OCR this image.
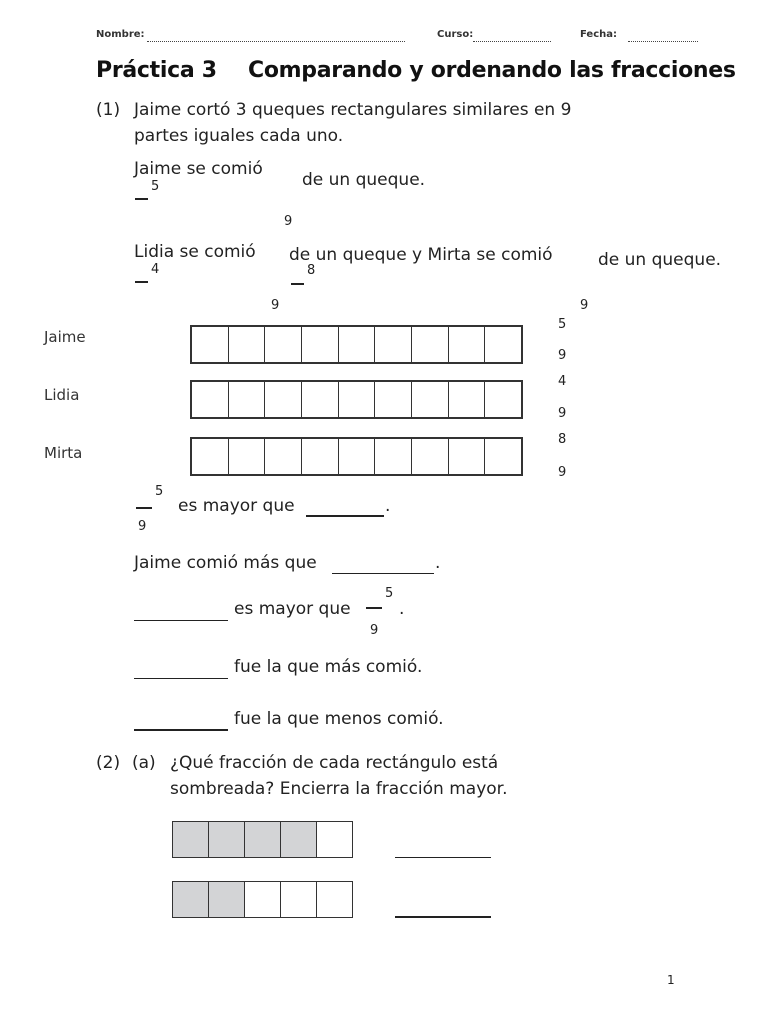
Nombre:	Curso:	Fecha:
Práctica 3 Comparando y ordenando las fracciones
(1) Jaime cortó 3 queques rectangulares similares en 9
partes iguales cada uno.
Jaime se comió
5	de un queque.
9
Lidia se comió
4
de un queque y Mirta se comió
8
de un queque.
9	9
Jaime
5
9
Lidia
4
9
Mirta
8
9
5
9
es mayor que	.
Jaime comió más que	.
es mayor que
5
9
.
fue la que más comió.
fue la que menos comió.
(2) (a) ¿Qué fracción de cada rectángulo está
sombreada? Encierra la fracción mayor.
1
